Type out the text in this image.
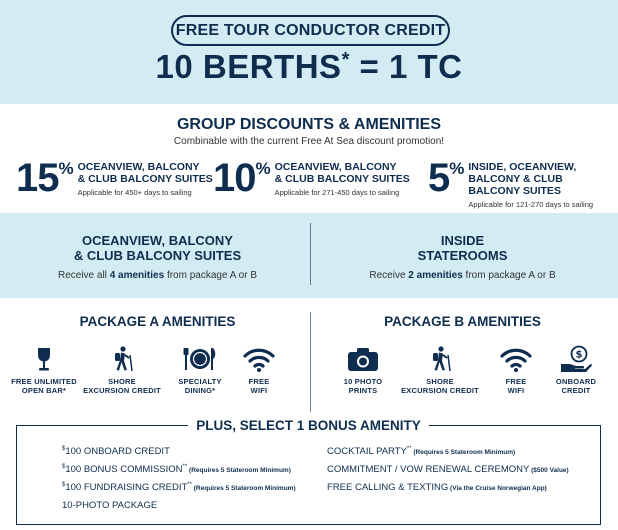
FREE TOUR CONDUCTOR CREDIT
10 BERTHS* = 1 TC
GROUP DISCOUNTS & AMENITIES
Combinable with the current Free At Sea discount promotion!
15 % OCEANVIEW, BALCONY
& CLUB BALCONY SUITES
Applicable for 450+ days to sailing 10 % OCEANVIEW, BALCONY
& CLUB BALCONY SUITES
Applicable for 271-450 days to sailing 5 % INSIDE, OCEANVIEW,
BALCONY & CLUB
BALCONY SUITES
Applicable for 121-270 days to sailing
OCEANVIEW, BALCONY
& CLUB BALCONY SUITES
Receive all 4 amenities from package A or B
INSIDE
STATEROOMS
Receive 2 amenities from package A or B
PACKAGE A AMENITIES	PACKAGE B AMENITIES
FREE UNLIMITED
OPEN BAR*
SHORE
EXCURSION CREDIT
SPECIALTY
DINING*
FREE
WIFI
10 PHOTO
PRINTS
SHORE
EXCURSION CREDIT
FREE
WIFI
$
ONBOARD
CREDIT
PLUS, SELECT 1 BONUS AMENITY
$100 ONBOARD CREDIT
$100 BONUS COMMISSION** (Requires 5 Stateroom Minimum)
$100 FUNDRAISING CREDIT** (Requires 5 Stateroom Minimum)
10-PHOTO PACKAGE
COCKTAIL PARTY** (Requires 5 Stateroom Minimum)
COMMITMENT / VOW RENEWAL CEREMONY ($500 Value)
FREE CALLING & TEXTING (Via the Cruise Norwegian App)
